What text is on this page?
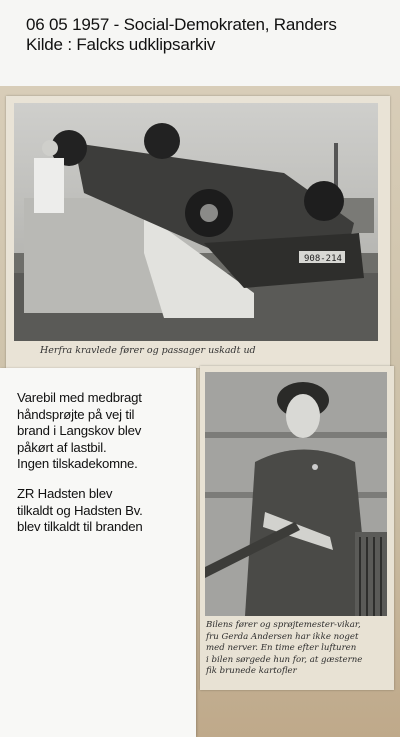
06 05 1957 - Social-Demokraten, Randers
Kilde : Falcks udklipsarkiv
908-214
Herfra kravlede fører og passager uskadt ud
Bilens fører og sprøjtemester-vikar,
fru Gerda Andersen har ikke noget
med nerver. En time efter lufturen
i bilen sørgede hun for, at gæsterne
fik brunede kartofler
Varebil med medbragt
håndsprøjte på vej til
brand i Langskov blev
påkørt af lastbil.
Ingen tilskadekomne.
ZR Hadsten blev
tilkaldt og Hadsten Bv.
blev tilkaldt til branden
